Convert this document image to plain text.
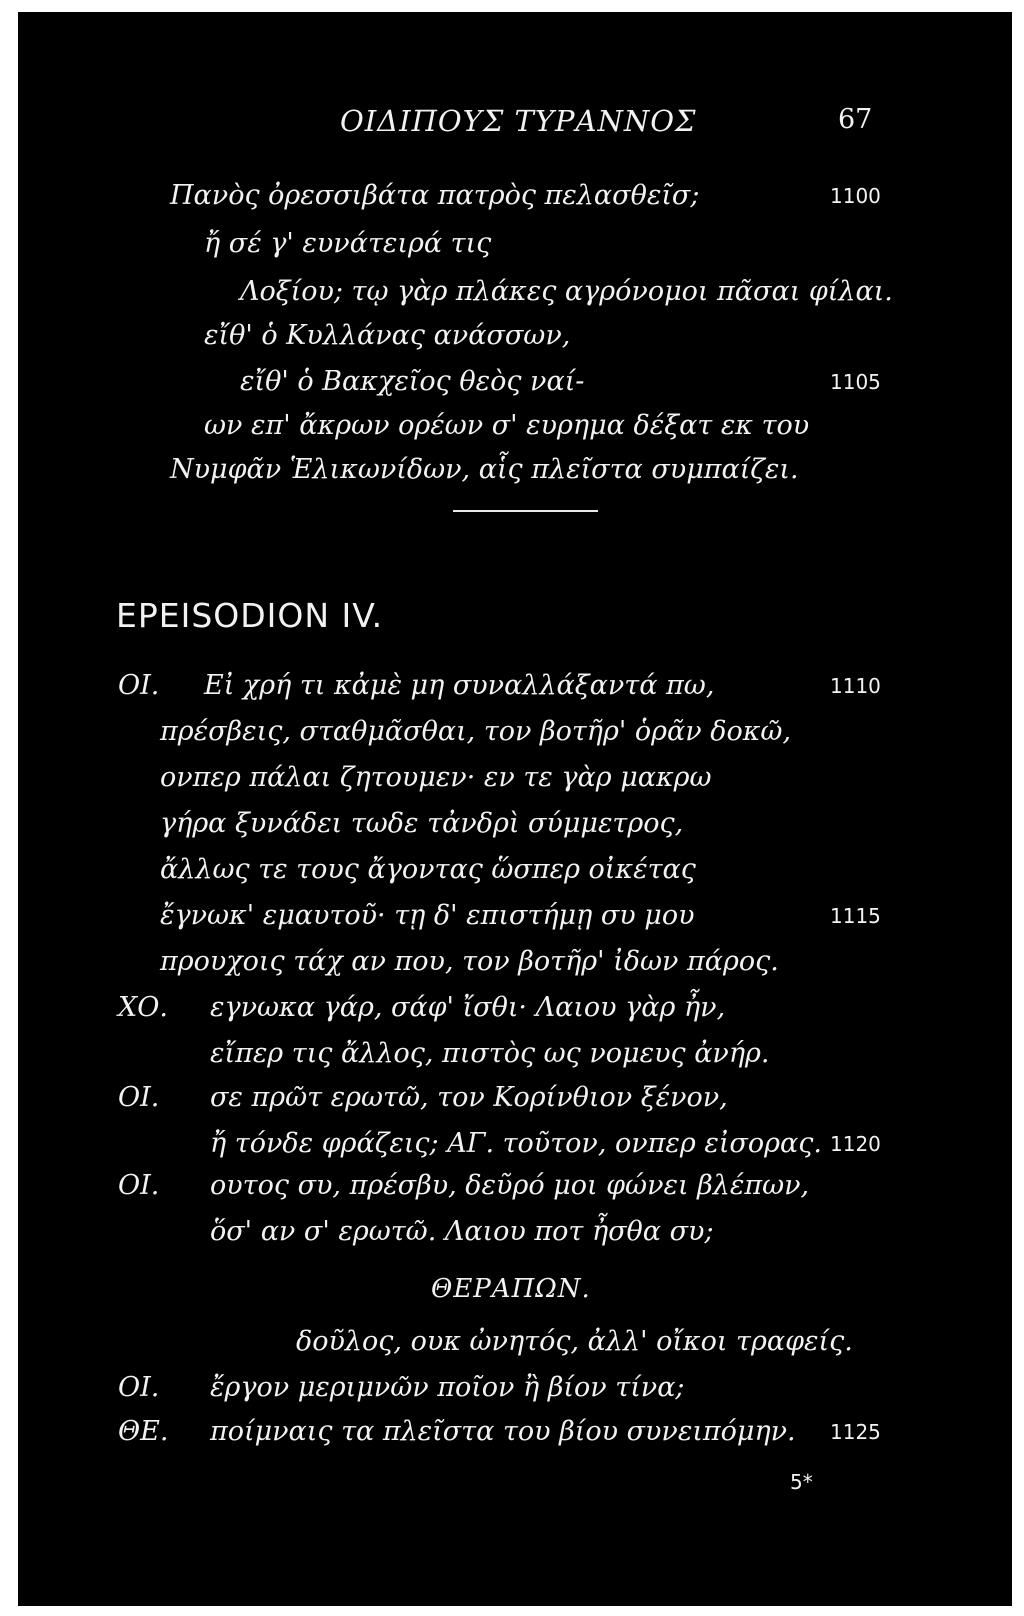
ΟΙΔΙΠΟΥΣ ΤΥΡΑΝΝΟΣ	67
Πανὸς ὀρεσσιβάτα πατρὸς πελασθεῖσ;	1100
ἤ σέ γ' ευνάτειρά τις
Λοξίου; τῳ γὰρ πλάκες αγρόνομοι πᾶσαι φίλαι.
εἴθ' ὁ Κυλλάνας ανάσσων,
εἴθ' ὁ Βακχεῖος θεὸς ναί-	1105
ων επ' ἄκρων ορέων σ' ευρημα δέξατ εκ του
Νυμφᾶν Ἑλικωνίδων, αἷς πλεῖστα συμπαίζει.
EPEISODION IV.
ΟΙ. Εἰ χρή τι κἀμὲ μη συναλλάξαντά πω,	1110
πρέσβεις, σταθμᾶσθαι, τον βοτῆρ' ὁρᾶν δοκῶ,
ονπερ πάλαι ζητουμεν· εν τε γὰρ μακρω
γήρα ξυνάδει τωδε τἀνδρὶ σύμμετρος,
ἄλλως τε τους ἄγοντας ὥσπερ οἰκέτας
ἔγνωκ' εμαυτοῦ· τῃ δ' επιστήμῃ συ μου	1115
προυχοις τάχ αν που, τον βοτῆρ' ἰδων πάρος.
ΧΟ. εγνωκα γάρ, σάφ' ἴσθι· Λαιου γὰρ ἦν,
εἴπερ τις ἄλλος, πιστὸς ως νομευς ἀνήρ.
ΟΙ. σε πρῶτ ερωτῶ, τον Κορίνθιον ξένον,
ἤ τόνδε φράζεις; ΑΓ. τοῦτον, ονπερ εἰσορας. 1120
ΟΙ. ουτος συ, πρέσβυ, δεῦρό μοι φώνει βλέπων,
ὅσ' αν σ' ερωτῶ. Λαιου ποτ ἦσθα συ;
ΘΕΡΑΠΩΝ.
δοῦλος, ουκ ὠνητός, ἀλλ' οἴκοι τραφείς.
ΟΙ. ἔργον μεριμνῶν ποῖον ἢ βίον τίνα;
ΘΕ. ποίμναις τα πλεῖστα του βίου συνειπόμην. 1125
5*
